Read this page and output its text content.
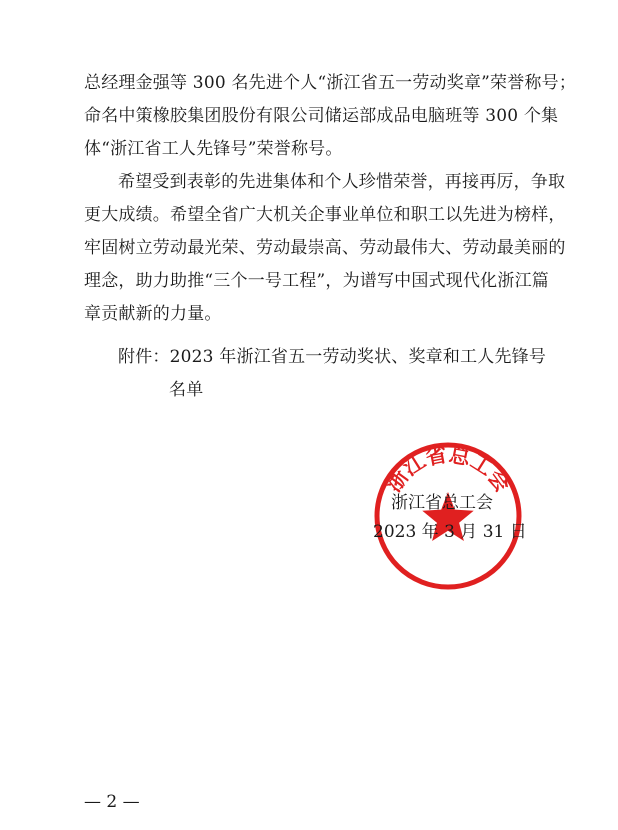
总经理金强等 300 名先进个人“浙江省五一劳动奖章”荣誉称号；
命名中策橡胶集团股份有限公司储运部成品电脑班等 300 个集
体“浙江省工人先锋号”荣誉称号。
希望受到表彰的先进集体和个人珍惜荣誉，再接再厉，争取
更大成绩。希望全省广大机关企事业单位和职工以先进为榜样，
牢固树立劳动最光荣、劳动最崇高、劳动最伟大、劳动最美丽的
理念，助力助推“三个一号工程”，为谱写中国式现代化浙江篇
章贡献新的力量。
附件：2023 年浙江省五一劳动奖状、奖章和工人先锋号
名单
浙江省总工会
浙江省总工会
2023 年 3 月 31 日
— 2 —
